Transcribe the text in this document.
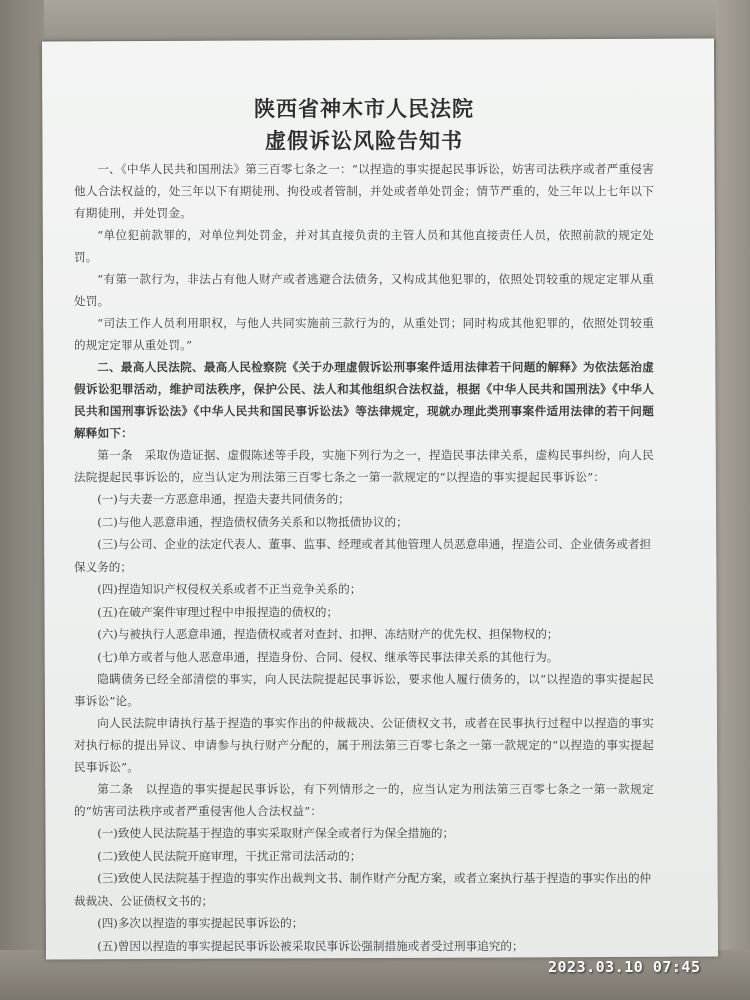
陕西省神木市人民法院
虚假诉讼风险告知书

一、《中华人民共和国刑法》第三百零七条之一：“以捏造的事实提起民事诉讼，妨害司法秩序或者严重侵害他人合法权益的，处三年以下有期徒刑、拘役或者管制，并处或者单处罚金；情节严重的，处三年以上七年以下有期徒刑，并处罚金。

“单位犯前款罪的，对单位判处罚金，并对其直接负责的主管人员和其他直接责任人员，依照前款的规定处罚。

“有第一款行为，非法占有他人财产或者逃避合法债务，又构成其他犯罪的，依照处罚较重的规定定罪从重处罚。

“司法工作人员利用职权，与他人共同实施前三款行为的，从重处罚；同时构成其他犯罪的，依照处罚较重的规定定罪从重处罚。”

二、最高人民法院、最高人民检察院《关于办理虚假诉讼刑事案件适用法律若干问题的解释》为依法惩治虚假诉讼犯罪活动，维护司法秩序，保护公民、法人和其他组织合法权益，根据《中华人民共和国刑法》《中华人民共和国刑事诉讼法》《中华人民共和国民事诉讼法》等法律规定，现就办理此类刑事案件适用法律的若干问题解释如下：

第一条　采取伪造证据、虚假陈述等手段，实施下列行为之一，捏造民事法律关系，虚构民事纠纷，向人民法院提起民事诉讼的，应当认定为刑法第三百零七条之一第一款规定的“以捏造的事实提起民事诉讼”：

(一)与夫妻一方恶意串通，捏造夫妻共同债务的；
(二)与他人恶意串通，捏造债权债务关系和以物抵债协议的；
(三)与公司、企业的法定代表人、董事、监事、经理或者其他管理人员恶意串通，捏造公司、企业债务或者担保义务的；
(四)捏造知识产权侵权关系或者不正当竞争关系的；
(五)在破产案件审理过程中申报捏造的债权的；
(六)与被执行人恶意串通，捏造债权或者对查封、扣押、冻结财产的优先权、担保物权的；
(七)单方或者与他人恶意串通，捏造身份、合同、侵权、继承等民事法律关系的其他行为。

隐瞒债务已经全部清偿的事实，向人民法院提起民事诉讼，要求他人履行债务的，以“以捏造的事实提起民事诉讼”论。

向人民法院申请执行基于捏造的事实作出的仲裁裁决、公证债权文书，或者在民事执行过程中以捏造的事实对执行标的提出异议、申请参与执行财产分配的，属于刑法第三百零七条之一第一款规定的“以捏造的事实提起民事诉讼”。

第二条　以捏造的事实提起民事诉讼，有下列情形之一的，应当认定为刑法第三百零七条之一第一款规定的“妨害司法秩序或者严重侵害他人合法权益”：

(一)致使人民法院基于捏造的事实采取财产保全或者行为保全措施的；
(二)致使人民法院开庭审理，干扰正常司法活动的；
(三)致使人民法院基于捏造的事实作出裁判文书、制作财产分配方案，或者立案执行基于捏造的事实作出的仲裁裁决、公证债权文书的；
(四)多次以捏造的事实提起民事诉讼的；
(五)曾因以捏造的事实提起民事诉讼被采取民事诉讼强制措施或者受过刑事追究的；
2023.03.10 07:45
